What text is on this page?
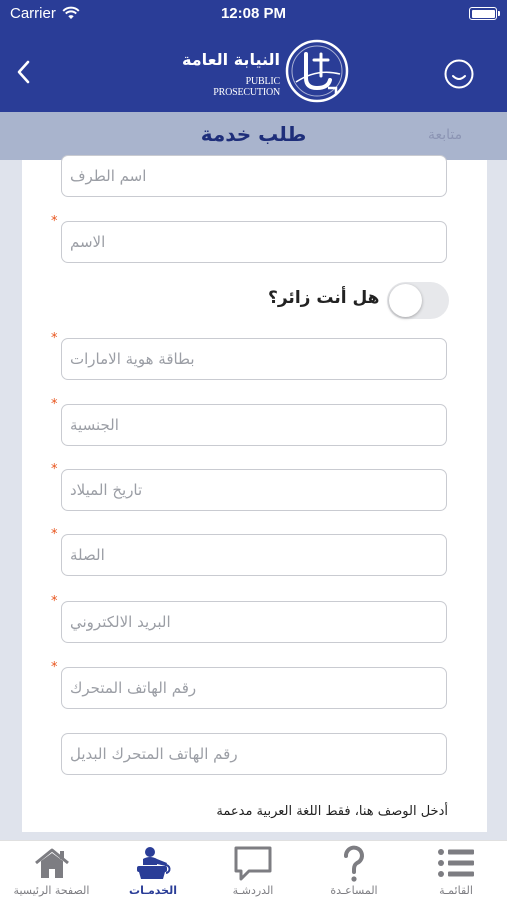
Carrier	12:08 PM
النيابة العامة
PUBLIC PROSECUTION
طلب خدمة	متابعة
اسم الطرف
*
الاسم
هل أنت زائر؟
*
بطاقة هوية الامارات
*
الجنسية
*
تاريخ الميلاد
*
الصلة
*
البريد الالكتروني
*
رقم الهاتف المتحرك
رقم الهاتف المتحرك البديل
أدخل الوصف هنا، فقط اللغة العربية مدعمة
الصفحة الرئيسية	الخدمـات	الدردشـة	المساعـدة	القائمـة
